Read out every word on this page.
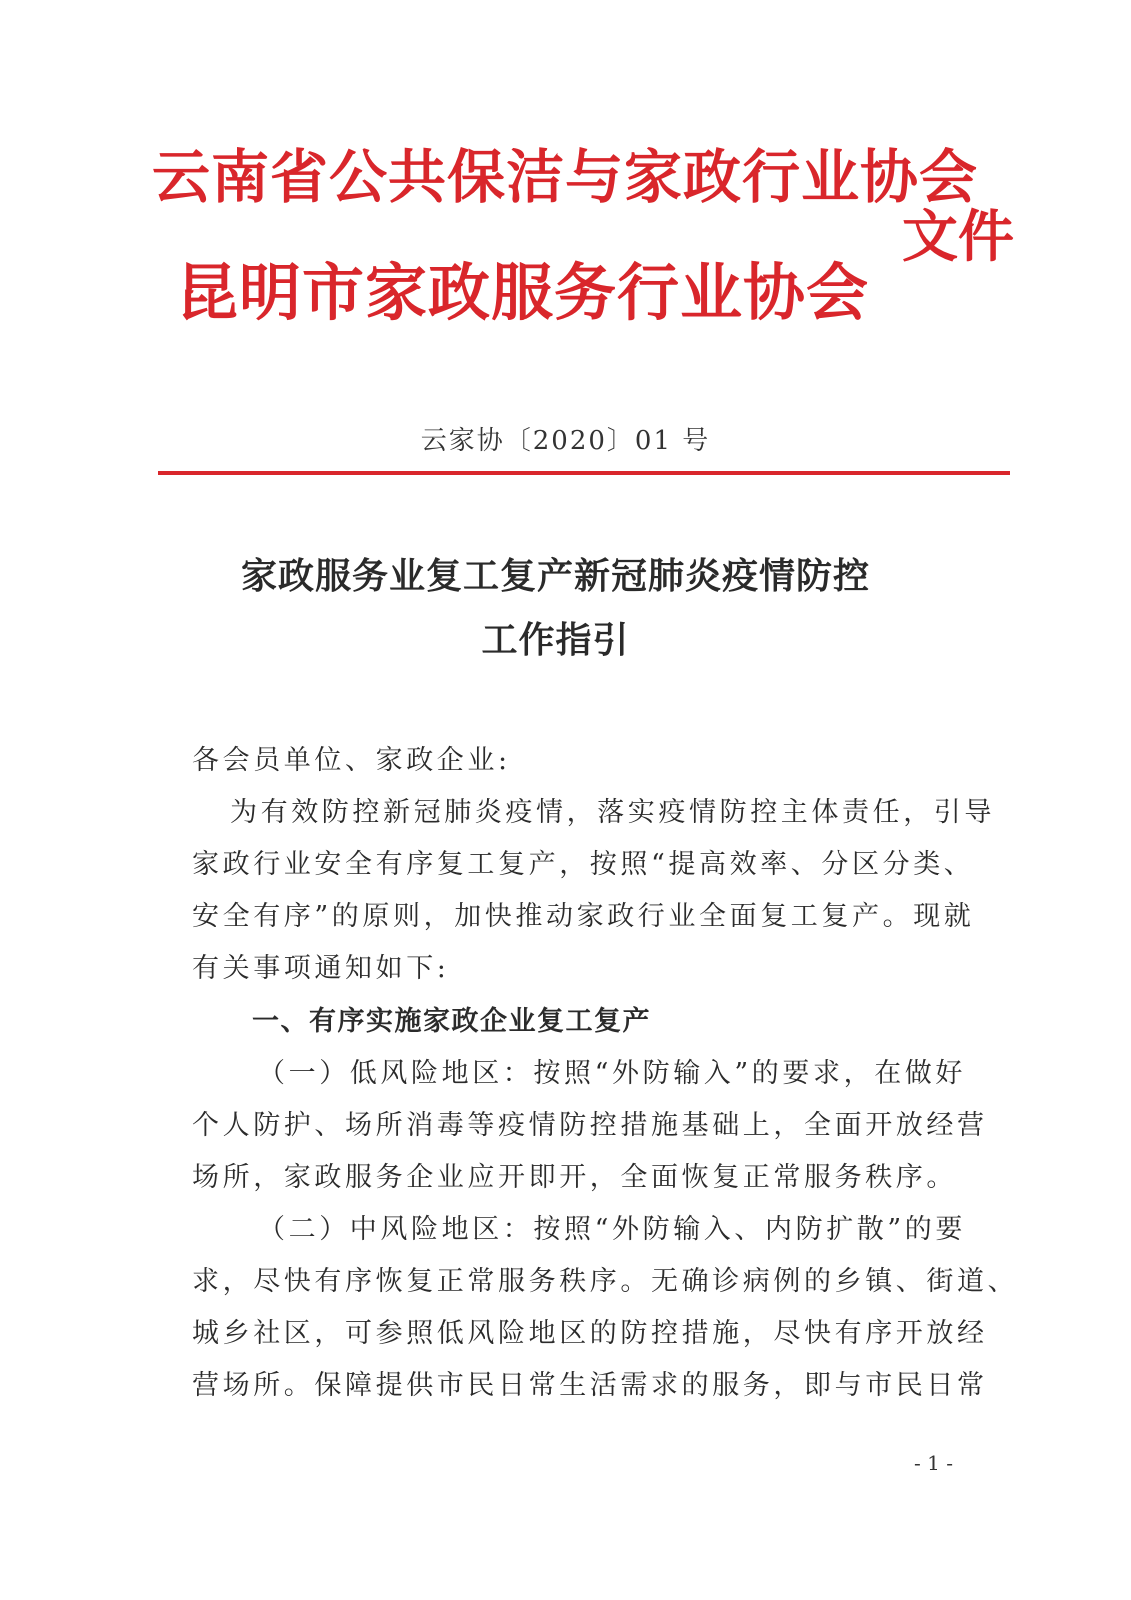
云南省公共保洁与家政行业协会
昆明市家政服务行业协会
文件
云家协〔2020〕01 号
家政服务业复工复产新冠肺炎疫情防控
工作指引

各会员单位、家政企业:

为有效防控新冠肺炎疫情，落实疫情防控主体责任，引导

家政行业安全有序复工复产，按照“提高效率、分区分类、

安全有序”的原则，加快推动家政行业全面复工复产。现就

有关事项通知如下:

一、有序实施家政企业复工复产

（一）低风险地区：按照“外防输入”的要求，在做好

个人防护、场所消毒等疫情防控措施基础上，全面开放经营

场所，家政服务企业应开即开，全面恢复正常服务秩序。

（二）中风险地区：按照“外防输入、内防扩散”的要

求，尽快有序恢复正常服务秩序。无确诊病例的乡镇、街道、

城乡社区，可参照低风险地区的防控措施，尽快有序开放经

营场所。保障提供市民日常生活需求的服务，即与市民日常

- 1 -
